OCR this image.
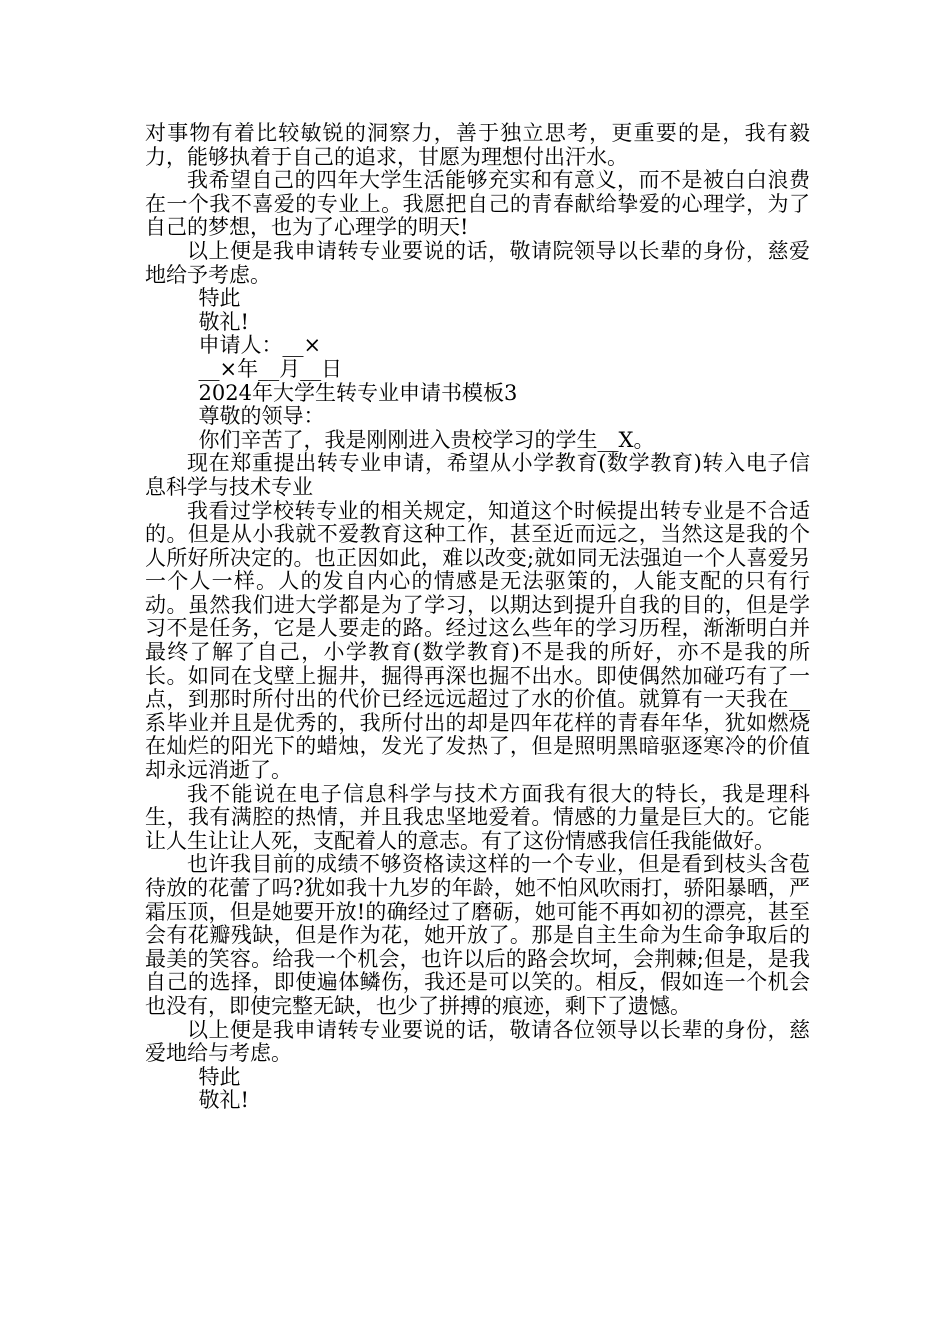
对事物有着比较敏锐的洞察力，善于独立思考，更重要的是，我有毅力，能够执着于自己的追求，甘愿为理想付出汗水。

我希望自己的四年大学生活能够充实和有意义，而不是被白白浪费在一个我不喜爱的专业上。我愿把自己的青春献给挚爱的心理学，为了自己的梦想，也为了心理学的明天!

以上便是我申请转专业要说的话，敬请院领导以长辈的身份，慈爱地给予考虑。

特此

敬礼!

申请人：__×

__×年__月__日

2024年大学生转专业申请书模板3

尊敬的领导：

你们辛苦了，我是刚刚进入贵校学习的学生__X。

现在郑重提出转专业申请，希望从小学教育(数学教育)转入电子信息科学与技术专业

我看过学校转专业的相关规定，知道这个时候提出转专业是不合适的。但是从小我就不爱教育这种工作，甚至近而远之，当然这是我的个人所好所决定的。也正因如此，难以改变;就如同无法强迫一个人喜爱另一个人一样。人的发自内心的情感是无法驱策的，人能支配的只有行动。虽然我们进大学都是为了学习，以期达到提升自我的目的，但是学习不是任务，它是人要走的路。经过这么些年的学习历程，渐渐明白并最终了解了自己，小学教育(数学教育)不是我的所好，亦不是我的所长。如同在戈壁上掘井，掘得再深也掘不出水。即使偶然加碰巧有了一点，到那时所付出的代价已经远远超过了水的价值。就算有一天我在__系毕业并且是优秀的，我所付出的却是四年花样的青春年华，犹如燃烧在灿烂的阳光下的蜡烛，发光了发热了，但是照明黑暗驱逐寒冷的价值却永远消逝了。

我不能说在电子信息科学与技术方面我有很大的特长，我是理科生，我有满腔的热情，并且我忠坚地爱着。情感的力量是巨大的。它能让人生让让人死，支配着人的意志。有了这份情感我信任我能做好。

也许我目前的成绩不够资格读这样的一个专业，但是看到枝头含苞待放的花蕾了吗?犹如我十九岁的年龄，她不怕风吹雨打，骄阳暴晒，严霜压顶，但是她要开放!的确经过了磨砺，她可能不再如初的漂亮，甚至会有花瓣残缺，但是作为花，她开放了。那是自主生命为生命争取后的最美的笑容。给我一个机会，也许以后的路会坎坷，会荆棘;但是，是我自己的选择，即使遍体鳞伤，我还是可以笑的。相反，假如连一个机会也没有，即使完整无缺，也少了拼搏的痕迹，剩下了遗憾。

以上便是我申请转专业要说的话，敬请各位领导以长辈的身份，慈爱地给与考虑。

特此

敬礼!
